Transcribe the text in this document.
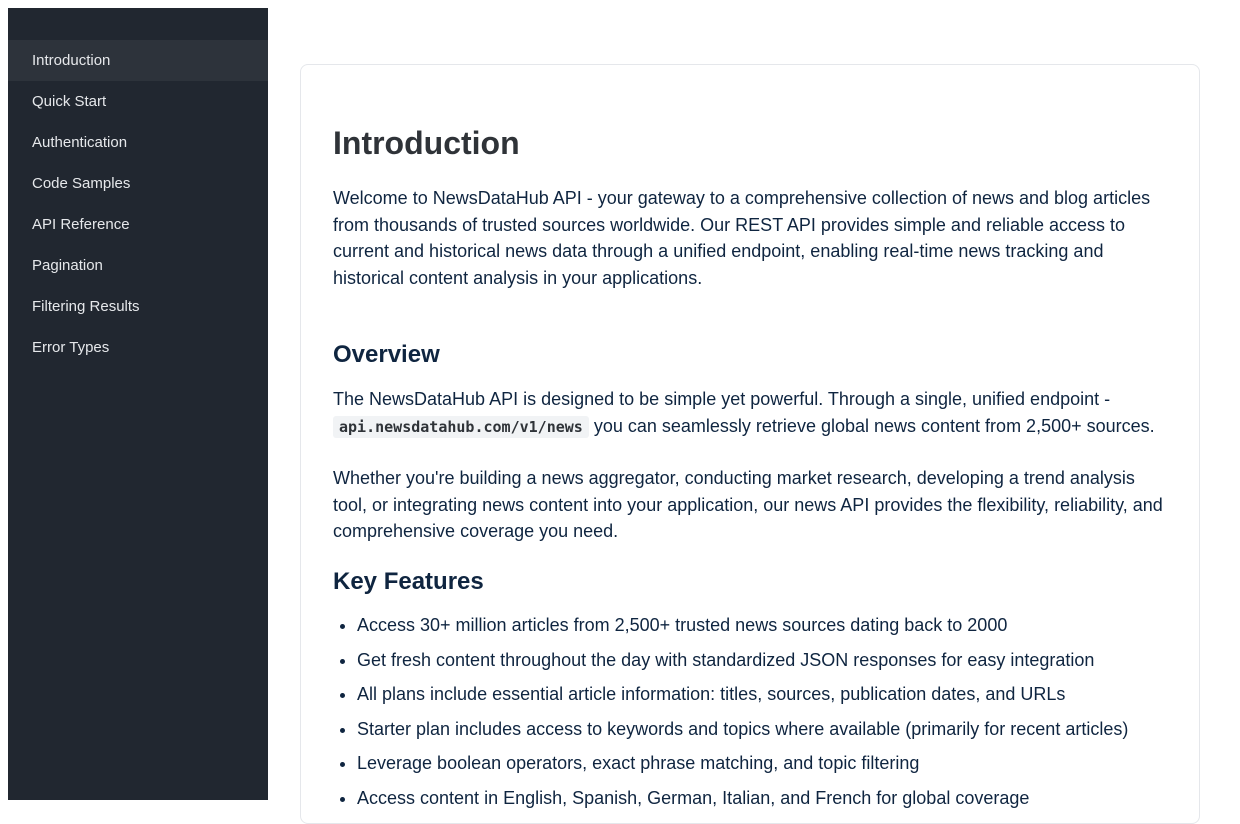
Introduction
Quick Start
Authentication
Code Samples
API Reference
Pagination
Filtering Results
Error Types
Introduction

Welcome to NewsDataHub API - your gateway to a comprehensive collection of news and blog articles from thousands of trusted sources worldwide. Our REST API provides simple and reliable access to current and historical news data through a unified endpoint, enabling real-time news tracking and historical content analysis in your applications.

Overview

The NewsDataHub API is designed to be simple yet powerful. Through a single, unified endpoint - api.newsdatahub.com/v1/news you can seamlessly retrieve global news content from 2,500+ sources.

Whether you're building a news aggregator, conducting market research, developing a trend analysis tool, or integrating news content into your application, our news API provides the flexibility, reliability, and comprehensive coverage you need.

Key Features
• Access 30+ million articles from 2,500+ trusted news sources dating back to 2000
• Get fresh content throughout the day with standardized JSON responses for easy integration
• All plans include essential article information: titles, sources, publication dates, and URLs
• Starter plan includes access to keywords and topics where available (primarily for recent articles)
• Leverage boolean operators, exact phrase matching, and topic filtering
• Access content in English, Spanish, German, Italian, and French for global coverage
